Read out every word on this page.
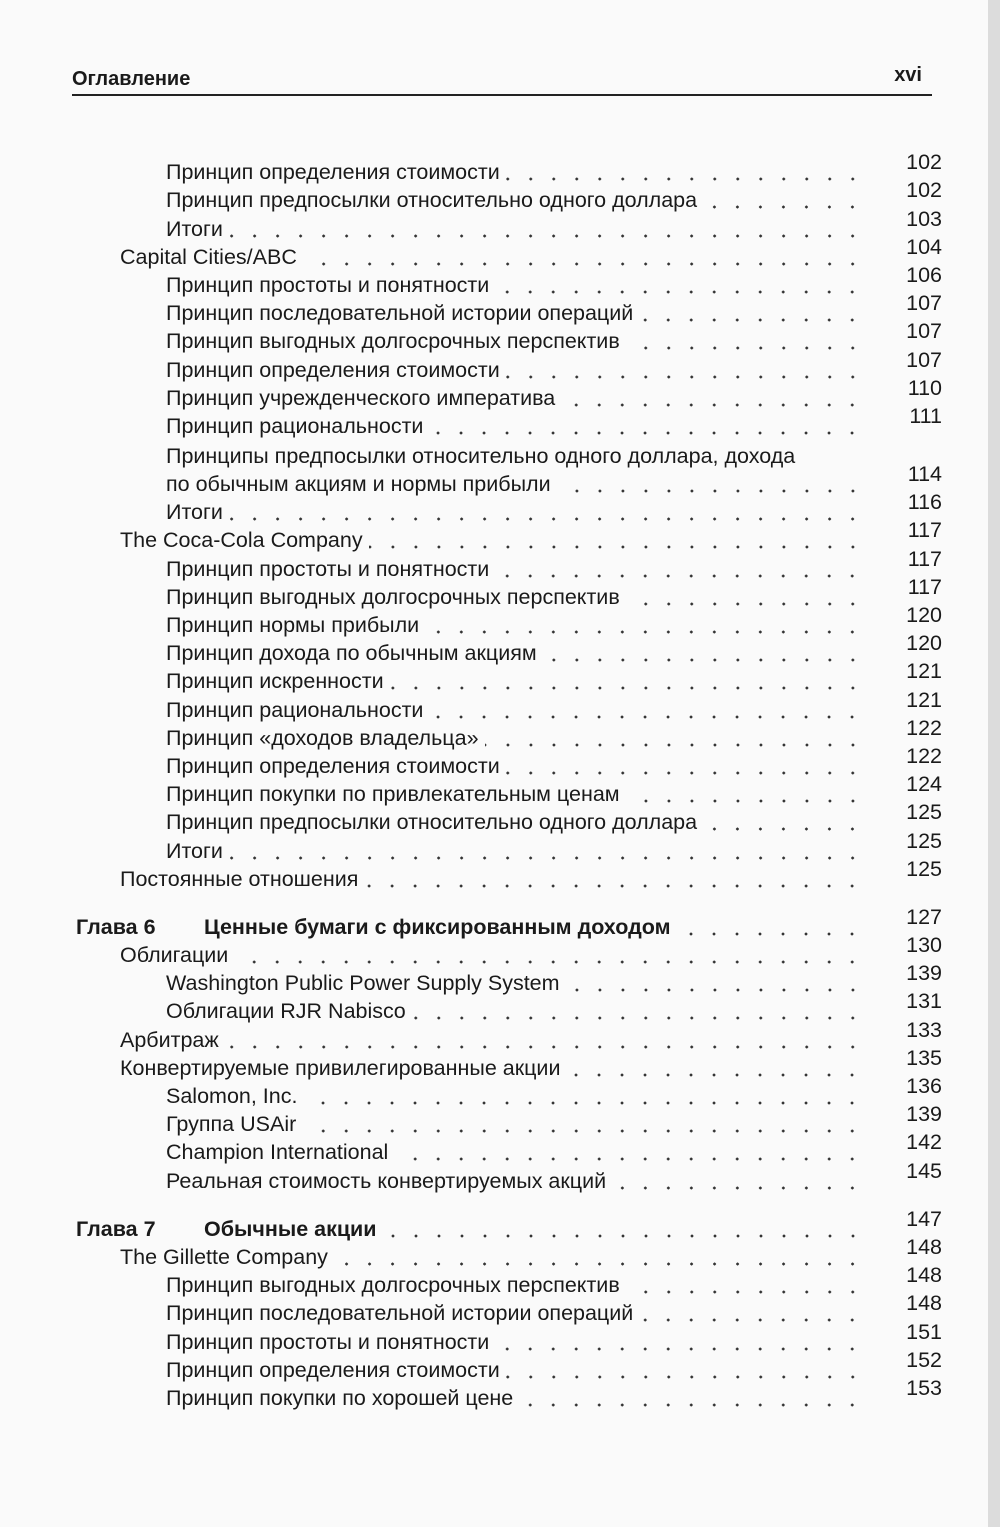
Оглавление	xvi
Принцип определения стоимости	102
Принцип предпосылки относительно одного доллара	102
Итоги	103
Capital Cities/ABC	104
Принцип простоты и понятности	106
Принцип последовательной истории операций	107
Принцип выгодных долгосрочных перспектив	107
Принцип определения стоимости	107
Принцип учрежденческого императива	110
Принцип рациональности	111
Принципы предпосылки относительно одного доллара, дохода
по обычным акциям и нормы прибыли	114
Итоги	116
The Coca-Cola Company	117
Принцип простоты и понятности	117
Принцип выгодных долгосрочных перспектив	117
Принцип нормы прибыли	120
Принцип дохода по обычным акциям	120
Принцип искренности	121
Принцип рациональности	121
Принцип «доходов владельца»	122
Принцип определения стоимости	122
Принцип покупки по привлекательным ценам	124
Принцип предпосылки относительно одного доллара	125
Итоги	125
Постоянные отношения	125
Глава 6 Ценные бумаги с фиксированным доходом	127
Облигации	130
Washington Public Power Supply System	139
Облигации RJR Nabisco	131
Арбитраж	133
Конвертируемые привилегированные акции	135
Salomon, Inc.	136
Группа USAir	139
Champion International	142
Реальная стоимость конвертируемых акций	145
Глава 7 Обычные акции	147
The Gillette Company	148
Принцип выгодных долгосрочных перспектив	148
Принцип последовательной истории операций	148
Принцип простоты и понятности	151
Принцип определения стоимости	152
Принцип покупки по хорошей цене	153
